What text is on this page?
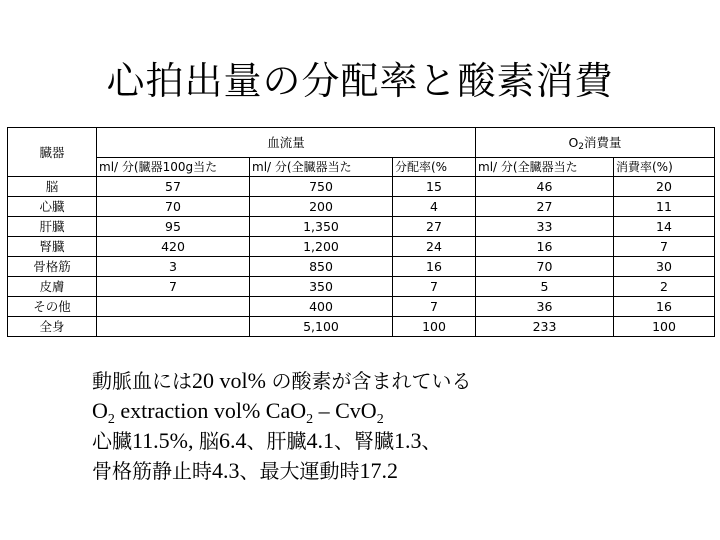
心拍出量の分配率と酸素消費
臓器	血流量			$O_2$消費量	
	ml/ 分(臓器100g当た	ml/ 分(全臓器当た	分配率(%	ml/ 分(全臓器当た	消費率(%)
脳	57	750	15	46	20
心臓	70	200	4	27	11
肝臓	95	1,350	27	33	14
腎臓	420	1,200	24	16	7
骨格筋	3	850	16	70	30
皮膚	7	350	7	5	2
その他		400	7	36	16
全身		5,100	100	233	100
動脈血には20 vol% の酸素が含まれている
$O_2$ extraction vol% CaO$_2$ – CvO$_2$
心臓11.5%, 脳6.4、肝臓4.1、腎臓1.3、
骨格筋静止時4.3、最大運動時17.2
